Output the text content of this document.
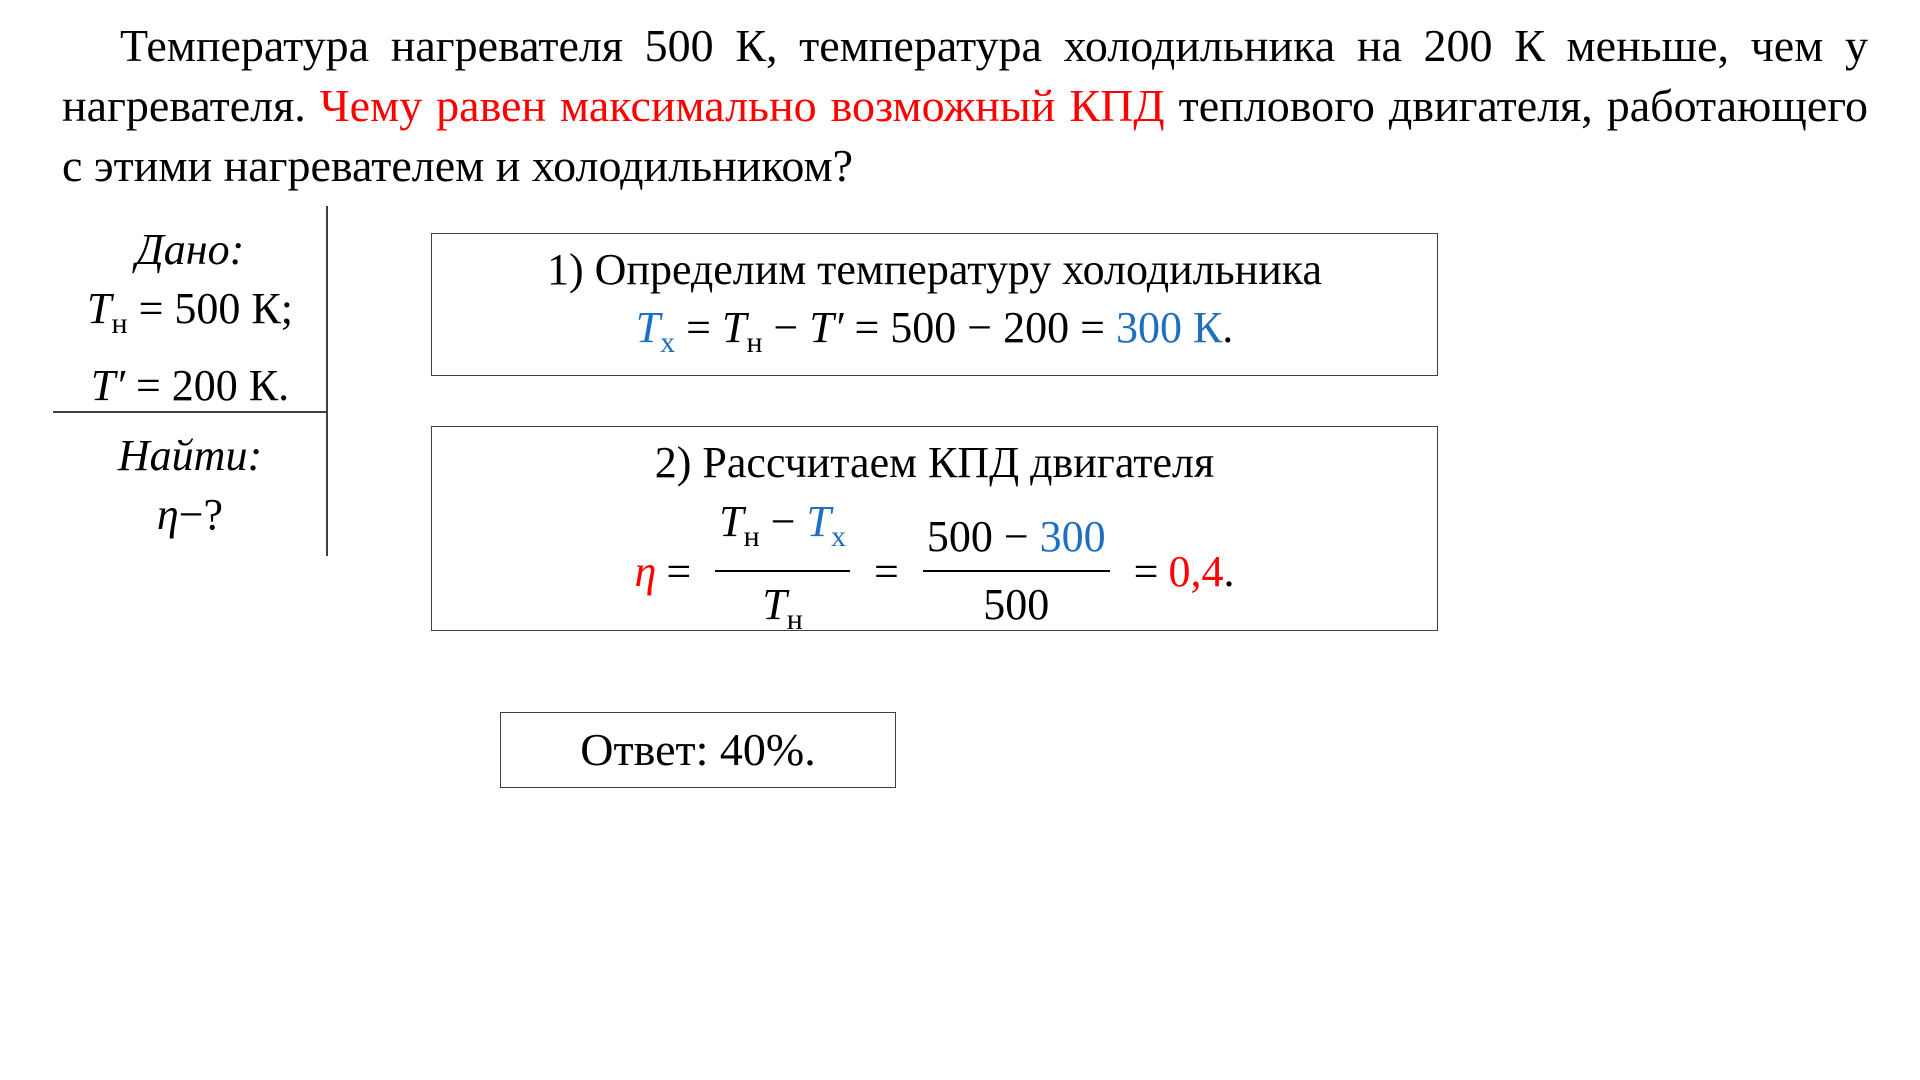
Температура нагревателя 500 К, температура холодильника на 200 К меньше, чем у нагревателя. Чему равен максимально возможный КПД теплового двигателя, работающего с этими нагревателем и холодильником?
Дано:
$T_н = 500$ К;
T′ = 200 К.
Найти:
η−?
1) Определим температуру холодильника
$T_х = T_н - T' = 500 - 200 = 300$ К.
2) Рассчитаем КПД двигателя
$\eta = \frac{T_н - T_х}{T_н} = \frac{500 - 300}{500} = 0,4$ .
Ответ: 40%.
